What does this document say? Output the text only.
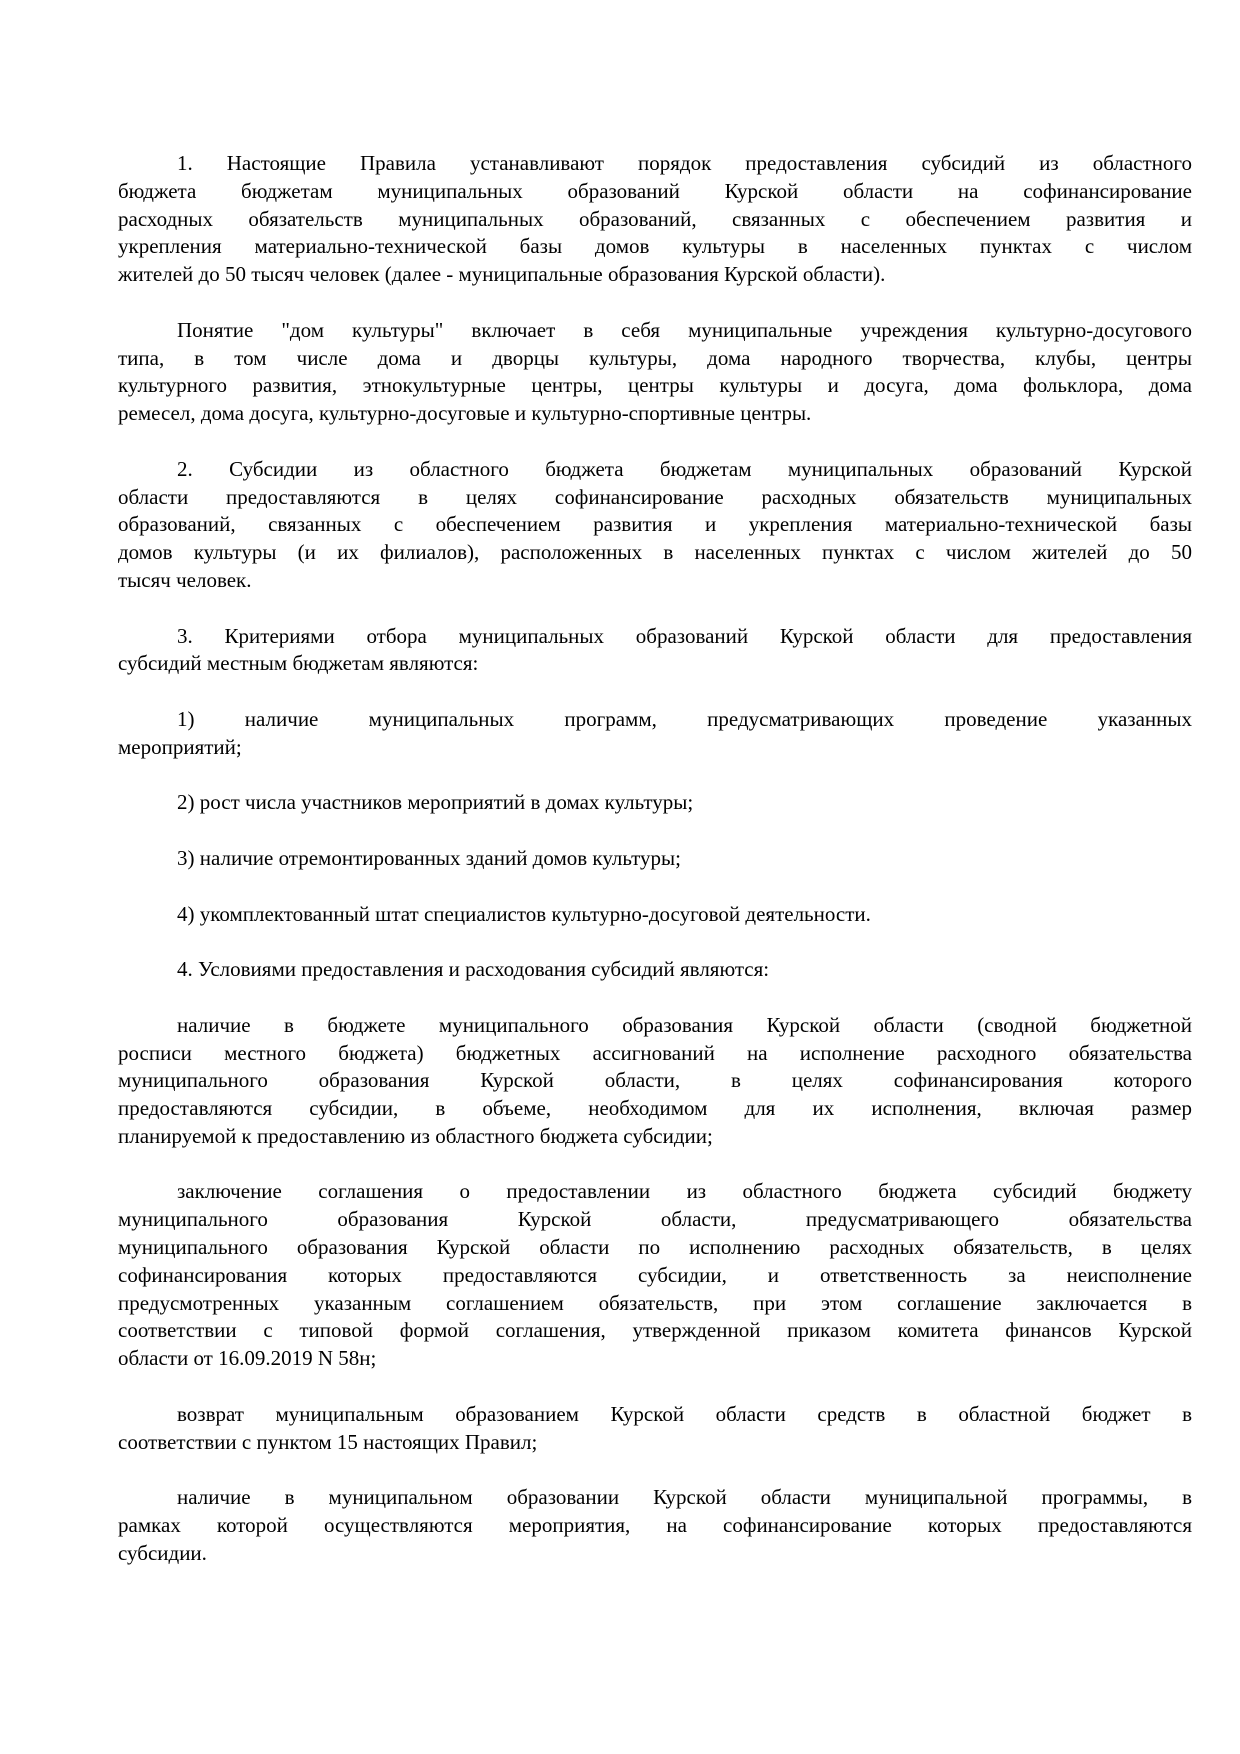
1. Настоящие Правила устанавливают порядок предоставления субсидий из областного
бюджета бюджетам муниципальных образований Курской области на софинансирование
расходных обязательств муниципальных образований, связанных с обеспечением развития и
укрепления материально-технической базы домов культуры в населенных пунктах с числом
жителей до 50 тысяч человек (далее - муниципальные образования Курской области).
Понятие "дом культуры" включает в себя муниципальные учреждения культурно-досугового
типа, в том числе дома и дворцы культуры, дома народного творчества, клубы, центры
культурного развития, этнокультурные центры, центры культуры и досуга, дома фольклора, дома
ремесел, дома досуга, культурно-досуговые и культурно-спортивные центры.
2. Субсидии из областного бюджета бюджетам муниципальных образований Курской
области предоставляются в целях софинансирование расходных обязательств муниципальных
образований, связанных с обеспечением развития и укрепления материально-технической базы
домов культуры (и их филиалов), расположенных в населенных пунктах с числом жителей до 50
тысяч человек.
3. Критериями отбора муниципальных образований Курской области для предоставления
субсидий местным бюджетам являются:
1) наличие муниципальных программ, предусматривающих проведение указанных
мероприятий;
2) рост числа участников мероприятий в домах культуры;
3) наличие отремонтированных зданий домов культуры;
4) укомплектованный штат специалистов культурно-досуговой деятельности.
4. Условиями предоставления и расходования субсидий являются:
наличие в бюджете муниципального образования Курской области (сводной бюджетной
росписи местного бюджета) бюджетных ассигнований на исполнение расходного обязательства
муниципального образования Курской области, в целях софинансирования которого
предоставляются субсидии, в объеме, необходимом для их исполнения, включая размер
планируемой к предоставлению из областного бюджета субсидии;
заключение соглашения о предоставлении из областного бюджета субсидий бюджету
муниципального образования Курской области, предусматривающего обязательства
муниципального образования Курской области по исполнению расходных обязательств, в целях
софинансирования которых предоставляются субсидии, и ответственность за неисполнение
предусмотренных указанным соглашением обязательств, при этом соглашение заключается в
соответствии с типовой формой соглашения, утвержденной приказом комитета финансов Курской
области от 16.09.2019 N 58н;
возврат муниципальным образованием Курской области средств в областной бюджет в
соответствии с пунктом 15 настоящих Правил;
наличие в муниципальном образовании Курской области муниципальной программы, в
рамках которой осуществляются мероприятия, на софинансирование которых предоставляются
субсидии.
